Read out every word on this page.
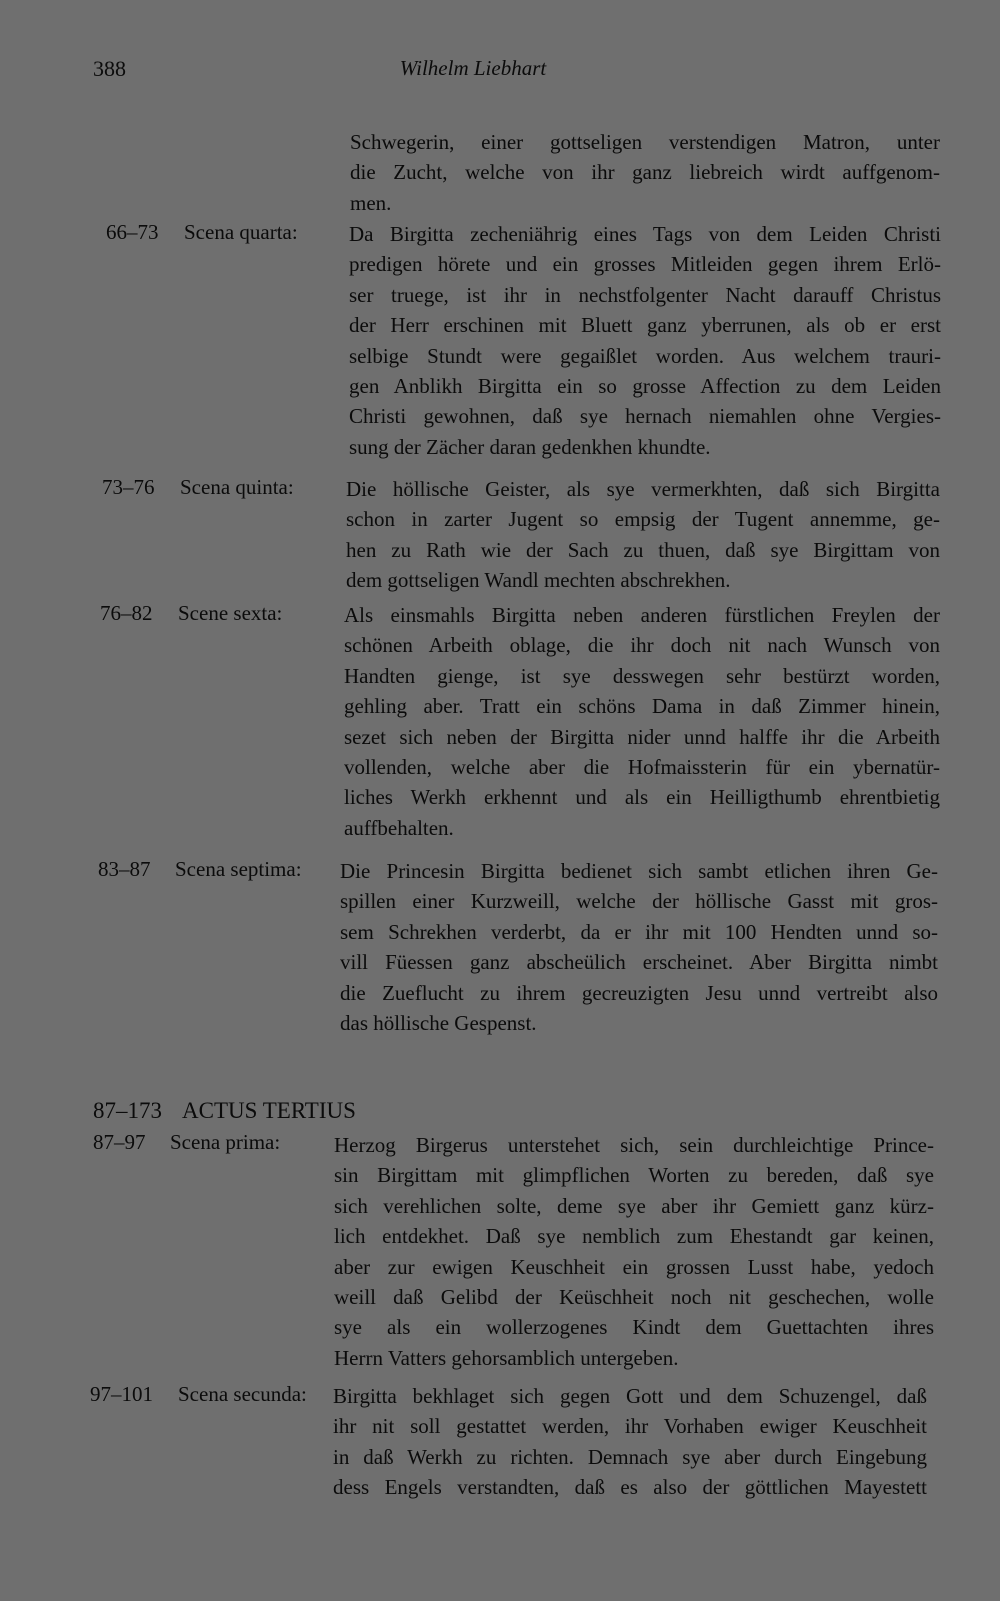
388	Wilhelm Liebhart
Schwegerin, einer gottseligen verstendigen Matron, unter
die Zucht, welche von ihr ganz liebreich wirdt auffgenom-
men.
66–73 Scena quarta: Da Birgitta zecheniährig eines Tags von dem Leiden Christi
predigen hörete und ein grosses Mitleiden gegen ihrem Erlö-
ser truege, ist ihr in nechstfolgenter Nacht darauff Christus
der Herr erschinen mit Bluett ganz yberrunen, als ob er erst
selbige Stundt were gegaißlet worden. Aus welchem trauri-
gen Anblikh Birgitta ein so grosse Affection zu dem Leiden
Christi gewohnen, daß sye hernach niemahlen ohne Vergies-
sung der Zächer daran gedenkhen khundte.
73–76 Scena quinta: Die höllische Geister, als sye vermerkhten, daß sich Birgitta
schon in zarter Jugent so empsig der Tugent annemme, ge-
hen zu Rath wie der Sach zu thuen, daß sye Birgittam von
dem gottseligen Wandl mechten abschrekhen.
76–82 Scene sexta:	Als einsmahls Birgitta neben anderen fürstlichen Freylen der
schönen Arbeith oblage, die ihr doch nit nach Wunsch von
Handten gienge, ist sye desswegen sehr bestürzt worden,
gehling aber. Tratt ein schöns Dama in daß Zimmer hinein,
sezet sich neben der Birgitta nider unnd halffe ihr die Arbeith
vollenden, welche aber die Hofmaissterin für ein ybernatür-
liches Werkh erkhennt und als ein Heilligthumb ehrentbietig
auffbehalten.
83–87 Scena septima: Die Princesin Birgitta bedienet sich sambt etlichen ihren Ge-
spillen einer Kurzweill, welche der höllische Gasst mit gros-
sem Schrekhen verderbt, da er ihr mit 100 Hendten unnd so-
vill Füessen ganz abscheülich erscheinet. Aber Birgitta nimbt
die Zueflucht zu ihrem gecreuzigten Jesu unnd vertreibt also
das höllische Gespenst.
87–173 ACTUS TERTIUS
87–97 Scena prima:	Herzog Birgerus unterstehet sich, sein durchleichtige Prince-
sin Birgittam mit glimpflichen Worten zu bereden, daß sye
sich verehlichen solte, deme sye aber ihr Gemiett ganz kürz-
lich entdekhet. Daß sye nemblich zum Ehestandt gar keinen,
aber zur ewigen Keuschheit ein grossen Lusst habe, yedoch
weill daß Gelibd der Keüschheit noch nit geschechen, wolle
sye als ein wollerzogenes Kindt dem Guettachten ihres
Herrn Vatters gehorsamblich untergeben.
97–101 Scena secunda: Birgitta bekhlaget sich gegen Gott und dem Schuzengel, daß
ihr nit soll gestattet werden, ihr Vorhaben ewiger Keuschheit
in daß Werkh zu richten. Demnach sye aber durch Eingebung
dess Engels verstandten, daß es also der göttlichen Mayestett
